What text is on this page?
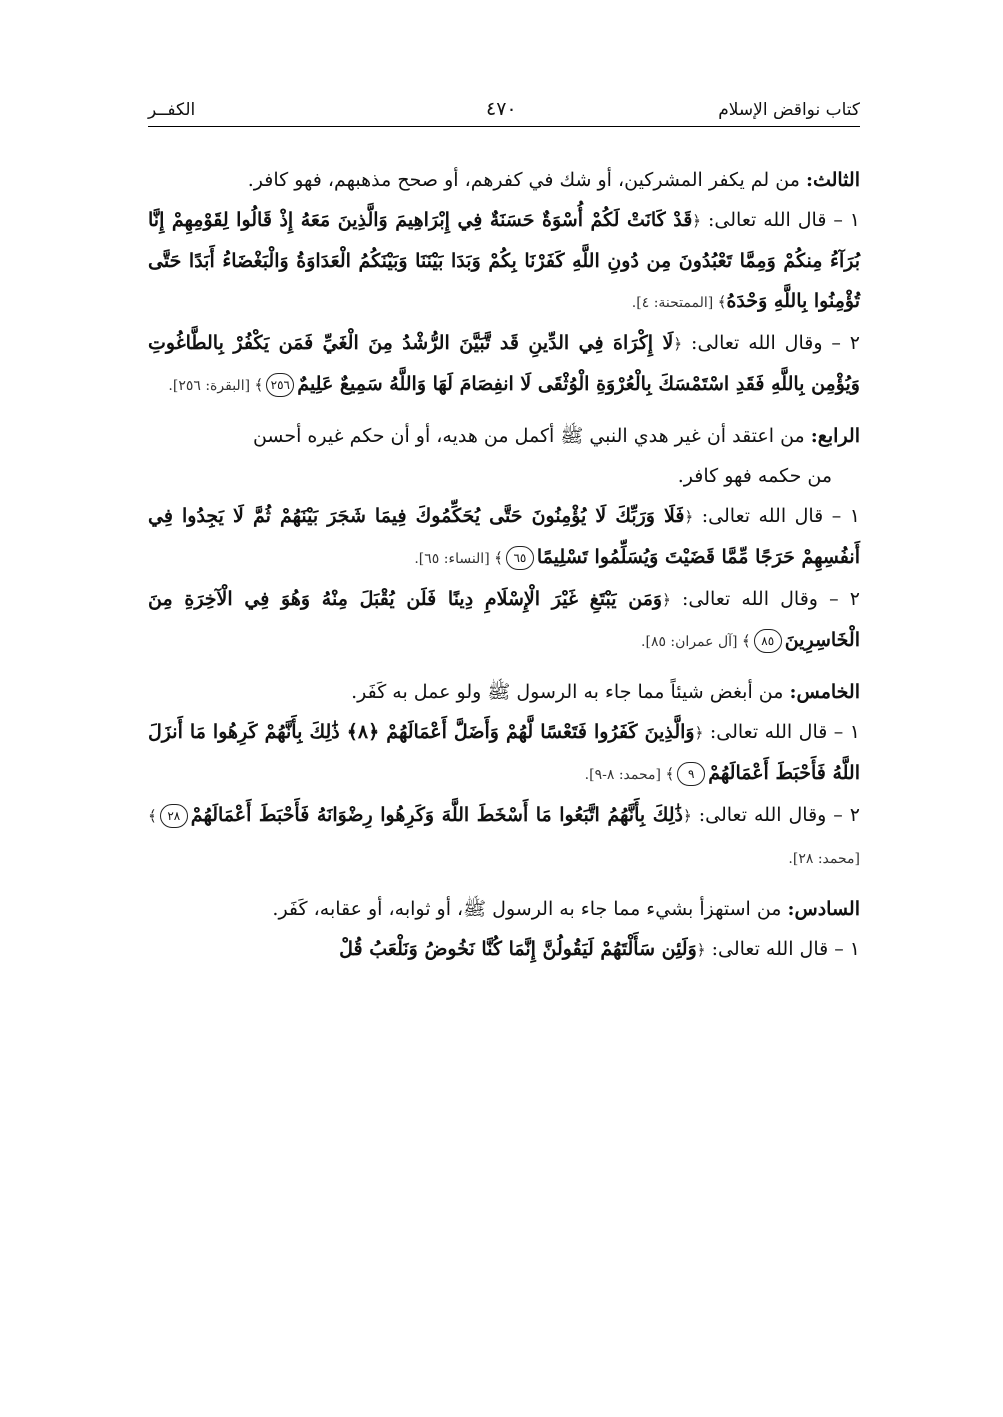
كتاب نواقض الإسلام
٤٧٠
الكفــر

الثالث: من لم يكفر المشركين، أو شك في كفرهم، أو صحح مذهبهم، فهو كافر.

١ – قال الله تعالى: ﴿قَدْ كَانَتْ لَكُمْ أُسْوَةٌ حَسَنَةٌ فِي إِبْرَاهِيمَ وَالَّذِينَ مَعَهُ إِذْ قَالُوا لِقَوْمِهِمْ إِنَّا بُرَآءُ مِنكُمْ وَمِمَّا تَعْبُدُونَ مِن دُونِ اللَّهِ كَفَرْنَا بِكُمْ وَبَدَا بَيْنَنَا وَبَيْنَكُمُ الْعَدَاوَةُ وَالْبَغْضَاءُ أَبَدًا حَتَّى تُؤْمِنُوا بِاللَّهِ وَحْدَهُ﴾ [الممتحنة: ٤].

٢ – وقال الله تعالى: ﴿لَا إِكْرَاهَ فِي الدِّينِ قَد تَّبَيَّنَ الرُّشْدُ مِنَ الْغَيِّ فَمَن يَكْفُرْ بِالطَّاغُوتِ وَيُؤْمِن بِاللَّهِ فَقَدِ اسْتَمْسَكَ بِالْعُرْوَةِ الْوُثْقَى لَا انفِصَامَ لَهَا وَاللَّهُ سَمِيعٌ عَلِيمٌ٢٥٦﴾ [البقرة: ٢٥٦].

الرابع: من اعتقد أن غير هدي النبي ﷺ أكمل من هديه، أو أن حكم غيره أحسن
من حكمه فهو كافر.

١ – قال الله تعالى: ﴿فَلَا وَرَبِّكَ لَا يُؤْمِنُونَ حَتَّى يُحَكِّمُوكَ فِيمَا شَجَرَ بَيْنَهُمْ ثُمَّ لَا يَجِدُوا فِي أَنفُسِهِمْ حَرَجًا مِّمَّا قَضَيْتَ وَيُسَلِّمُوا تَسْلِيمًا٦٥﴾ [النساء: ٦٥].

٢ – وقال الله تعالى: ﴿وَمَن يَبْتَغِ غَيْرَ الْإِسْلَامِ دِينًا فَلَن يُقْبَلَ مِنْهُ وَهُوَ فِي الْآخِرَةِ مِنَ الْخَاسِرِينَ٨٥﴾ [آل عمران: ٨٥].

الخامس: من أبغض شيئاً مما جاء به الرسول ﷺ ولو عمل به كَفَر.

١ – قال الله تعالى: ﴿وَالَّذِينَ كَفَرُوا فَتَعْسًا لَّهُمْ وَأَضَلَّ أَعْمَالَهُمْ ﴿٨﴾ ذَٰلِكَ بِأَنَّهُمْ كَرِهُوا مَا أَنزَلَ اللَّهُ فَأَحْبَطَ أَعْمَالَهُمْ٩﴾ [محمد: ٨-٩].

٢ – وقال الله تعالى: ﴿ذَٰلِكَ بِأَنَّهُمُ اتَّبَعُوا مَا أَسْخَطَ اللَّهَ وَكَرِهُوا رِضْوَانَهُ فَأَحْبَطَ أَعْمَالَهُمْ٢٨﴾ [محمد: ٢٨].

السادس: من استهزأ بشيء مما جاء به الرسول ﷺ، أو ثوابه، أو عقابه، كَفَر.

١ – قال الله تعالى: ﴿وَلَئِن سَأَلْتَهُمْ لَيَقُولُنَّ إِنَّمَا كُنَّا نَخُوضُ وَنَلْعَبُ قُلْ
